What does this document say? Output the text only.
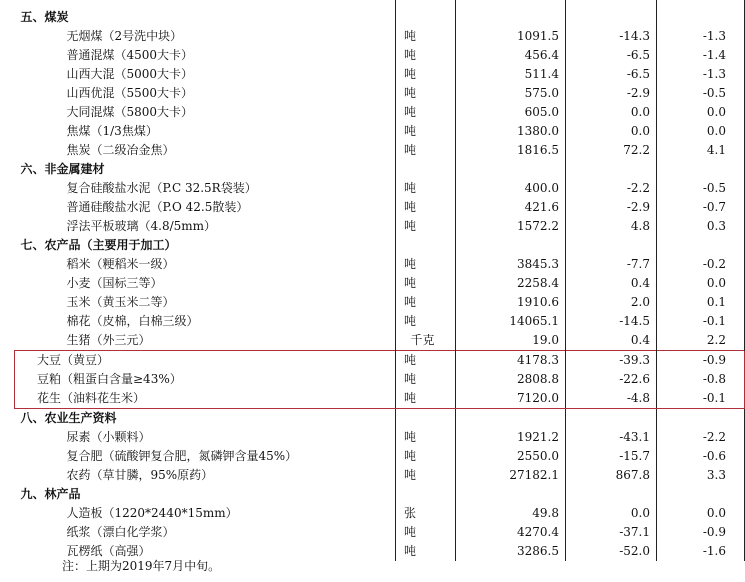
五、煤炭				
无烟煤（2号洗中块）	吨	1091.5	-14.3	-1.3
普通混煤（4500大卡）	吨	456.4	-6.5	-1.4
山西大混（5000大卡）	吨	511.4	-6.5	-1.3
山西优混（5500大卡）	吨	575.0	-2.9	-0.5
大同混煤（5800大卡）	吨	605.0	0.0	0.0
焦煤（1/3焦煤）	吨	1380.0	0.0	0.0
焦炭（二级冶金焦）	吨	1816.5	72.2	4.1
六、非金属建材				
复合硅酸盐水泥（P.C 32.5R袋装）	吨	400.0	-2.2	-0.5
普通硅酸盐水泥（P.O 42.5散装）	吨	421.6	-2.9	-0.7
浮法平板玻璃（4.8/5mm）	吨	1572.2	4.8	0.3
七、农产品（主要用于加工）				
稻米（粳稻米一级）	吨	3845.3	-7.7	-0.2
小麦（国标三等）	吨	2258.4	0.4	0.0
玉米（黄玉米二等）	吨	1910.6	2.0	0.1
棉花（皮棉，白棉三级）	吨	14065.1	-14.5	-0.1
生猪（外三元）	千克	19.0	0.4	2.2
大豆（黄豆）	吨	4178.3	-39.3	-0.9
豆粕（粗蛋白含量≥43%）	吨	2808.8	-22.6	-0.8
花生（油料花生米）	吨	7120.0	-4.8	-0.1
八、农业生产资料				
尿素（小颗料）	吨	1921.2	-43.1	-2.2
复合肥（硫酸钾复合肥，氮磷钾含量45%）	吨	2550.0	-15.7	-0.6
农药（草甘膦，95%原药）	吨	27182.1	867.8	3.3
九、林产品				
人造板（1220*2440*15mm）	张	49.8	0.0	0.0
纸浆（漂白化学浆）	吨	4270.4	-37.1	-0.9
瓦楞纸（高强）	吨	3286.5	-52.0	-1.6
注：上期为2019年7月中旬。
